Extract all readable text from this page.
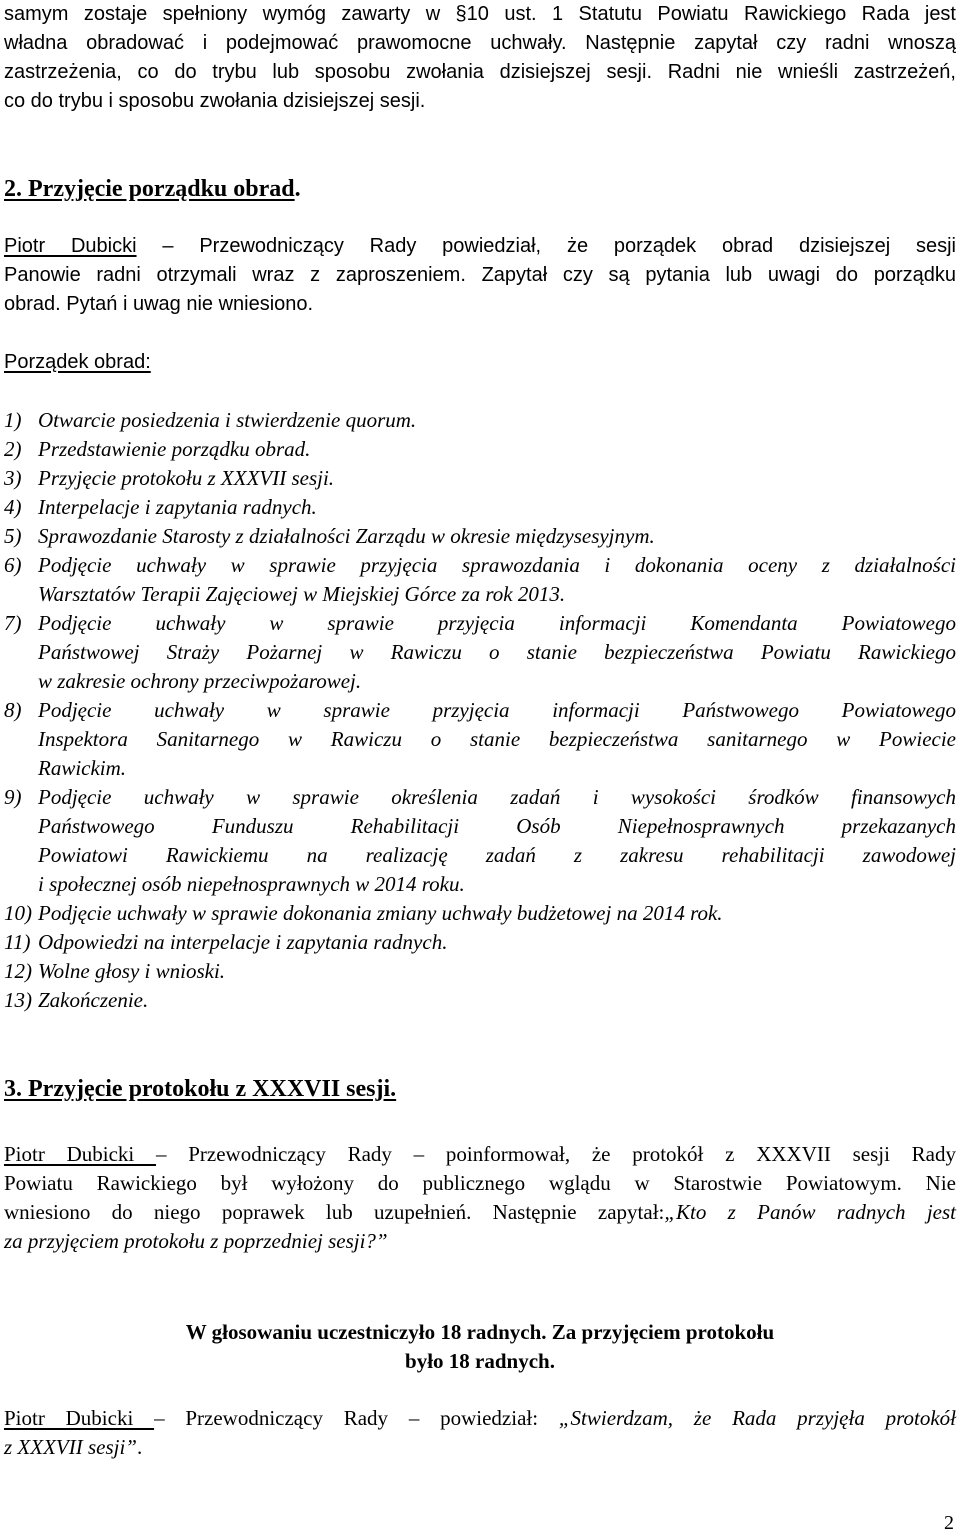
samym zostaje spełniony wymóg zawarty w §10 ust. 1 Statutu Powiatu Rawickiego Rada jest
władna obradować i podejmować prawomocne uchwały. Następnie zapytał czy radni wnoszą
zastrzeżenia, co do trybu lub sposobu zwołania dzisiejszej sesji. Radni nie wnieśli zastrzeżeń,
co do trybu i sposobu zwołania dzisiejszej sesji.
2. Przyjęcie porządku obrad.
Piotr Dubicki – Przewodniczący Rady powiedział, że porządek obrad dzisiejszej sesji
Panowie radni otrzymali wraz z zaproszeniem. Zapytał czy są pytania lub uwagi do porządku
obrad. Pytań i uwag nie wniesiono.
Porządek obrad:
1) Otwarcie posiedzenia i stwierdzenie quorum.
2) Przedstawienie porządku obrad.
3) Przyjęcie protokołu z XXXVII sesji.
4) Interpelacje i zapytania radnych.
5) Sprawozdanie Starosty z działalności Zarządu w okresie międzysesyjnym.
6) Podjęcie uchwały w sprawie przyjęcia sprawozdania i dokonania oceny z działalności
Warsztatów Terapii Zajęciowej w Miejskiej Górce za rok 2013.
7) Podjęcie uchwały w sprawie przyjęcia informacji Komendanta Powiatowego
Państwowej Straży Pożarnej w Rawiczu o stanie bezpieczeństwa Powiatu Rawickiego
w zakresie ochrony przeciwpożarowej.
8) Podjęcie uchwały w sprawie przyjęcia informacji Państwowego Powiatowego
Inspektora Sanitarnego w Rawiczu o stanie bezpieczeństwa sanitarnego w Powiecie
Rawickim.
9) Podjęcie uchwały w sprawie określenia zadań i wysokości środków finansowych
Państwowego Funduszu Rehabilitacji Osób Niepełnosprawnych przekazanych
Powiatowi Rawickiemu na realizację zadań z zakresu rehabilitacji zawodowej
i społecznej osób niepełnosprawnych w 2014 roku.
10) Podjęcie uchwały w sprawie dokonania zmiany uchwały budżetowej na 2014 rok.
11) Odpowiedzi na interpelacje i zapytania radnych.
12) Wolne głosy i wnioski.
13) Zakończenie.
3. Przyjęcie protokołu z XXXVII sesji.
Piotr Dubicki – Przewodniczący Rady – poinformował, że protokół z XXXVII sesji Rady
Powiatu Rawickiego był wyłożony do publicznego wglądu w Starostwie Powiatowym. Nie
wniesiono do niego poprawek lub uzupełnień. Następnie zapytał:„Kto z Panów radnych jest
za przyjęciem protokołu z poprzedniej sesji?”
W głosowaniu uczestniczyło 18 radnych. Za przyjęciem protokołu
było 18 radnych.
Piotr Dubicki – Przewodniczący Rady – powiedział: „Stwierdzam, że Rada przyjęła protokół
z XXXVII sesji”.
2
